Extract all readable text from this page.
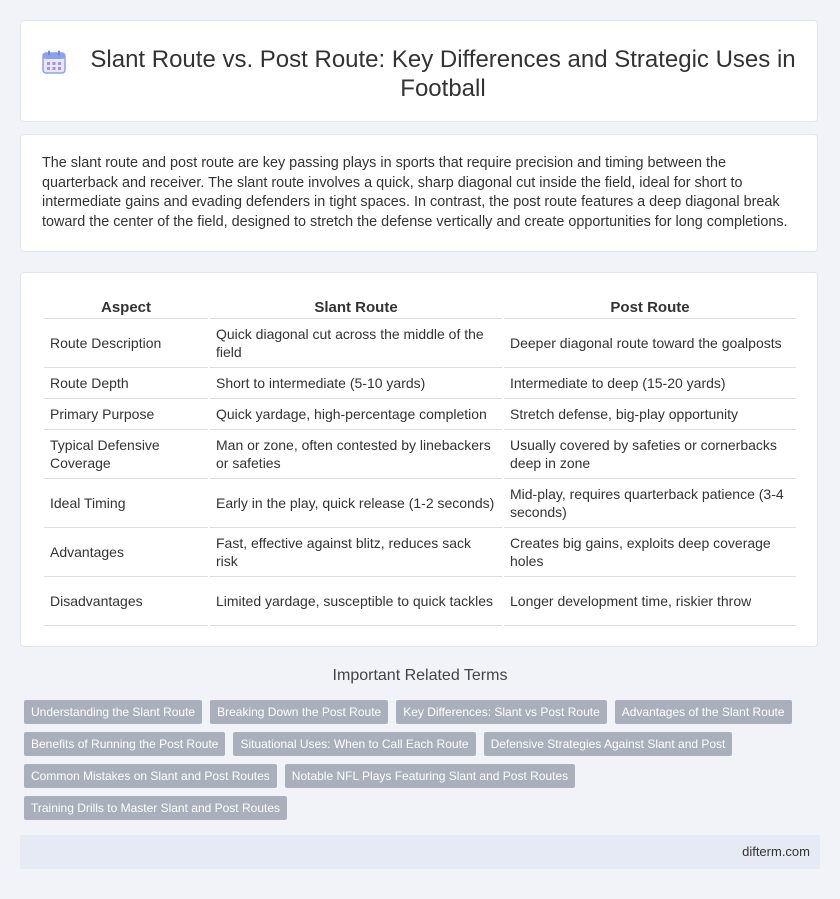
Slant Route vs. Post Route: Key Differences and Strategic Uses in Football

The slant route and post route are key passing plays in sports that require precision and timing between the quarterback and receiver. The slant route involves a quick, sharp diagonal cut inside the field, ideal for short to intermediate gains and evading defenders in tight spaces. In contrast, the post route features a deep diagonal break toward the center of the field, designed to stretch the defense vertically and create opportunities for long completions.

Aspect	Slant Route	Post Route
Route Description	Quick diagonal cut across the middle of the field	Deeper diagonal route toward the goalposts
Route Depth	Short to intermediate (5-10 yards)	Intermediate to deep (15-20 yards)
Primary Purpose	Quick yardage, high-percentage completion	Stretch defense, big-play opportunity
Typical Defensive Coverage	Man or zone, often contested by linebackers or safeties	Usually covered by safeties or cornerbacks deep in zone
Ideal Timing	Early in the play, quick release (1-2 seconds)	Mid-play, requires quarterback patience (3-4 seconds)
Advantages	Fast, effective against blitz, reduces sack risk	Creates big gains, exploits deep coverage holes
Disadvantages	Limited yardage, susceptible to quick tackles	Longer development time, riskier throw
Important Related Terms
Understanding the Slant Route	Breaking Down the Post Route	Key Differences: Slant vs Post Route	Advantages of the Slant Route
Benefits of Running the Post Route	Situational Uses: When to Call Each Route	Defensive Strategies Against Slant and Post
Common Mistakes on Slant and Post Routes	Notable NFL Plays Featuring Slant and Post Routes
Training Drills to Master Slant and Post Routes
difterm.com
